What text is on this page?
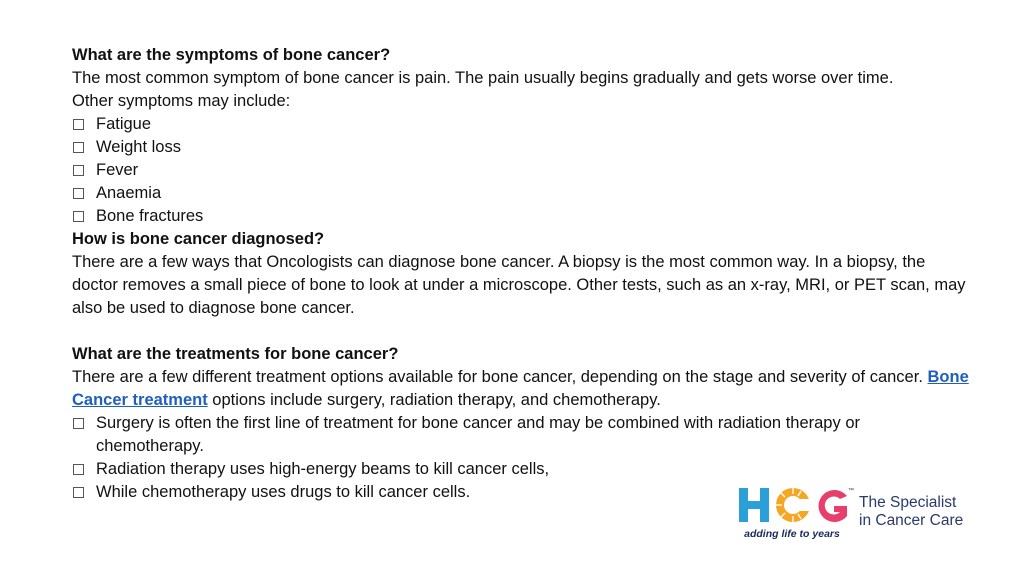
What are the symptoms of bone cancer?
The most common symptom of bone cancer is pain. The pain usually begins gradually and gets worse over time.
Other symptoms may include:
Fatigue
Weight loss
Fever
Anaemia
Bone fractures
How is bone cancer diagnosed?
There are a few ways that Oncologists can diagnose bone cancer. A biopsy is the most common way. In a biopsy, the doctor removes a small piece of bone to look at under a microscope. Other tests, such as an x-ray, MRI, or PET scan, may also be used to diagnose bone cancer.
What are the treatments for bone cancer?
There are a few different treatment options available for bone cancer, depending on the stage and severity of cancer. Bone Cancer treatment options include surgery, radiation therapy, and chemotherapy.
Surgery is often the first line of treatment for bone cancer and may be combined with radiation therapy or chemotherapy.
Radiation therapy uses high-energy beams to kill cancer cells,
While chemotherapy uses drugs to kill cancer cells.	™
adding life to years
The Specialist
in Cancer Care
